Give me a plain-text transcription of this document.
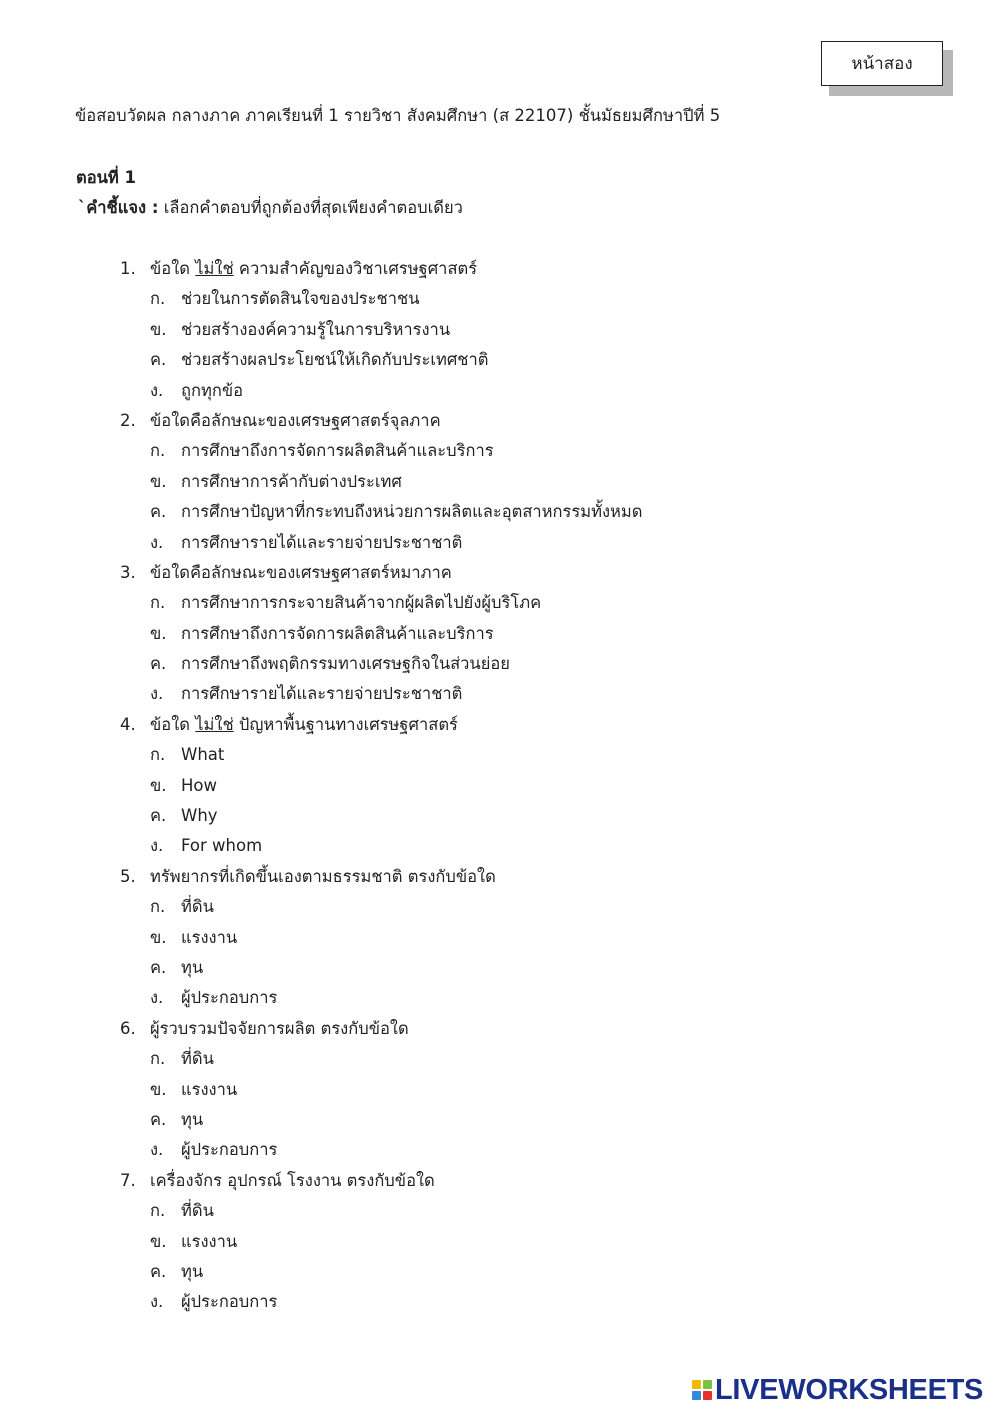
หน้าสอง
ข้อสอบวัดผล กลางภาค ภาคเรียนที่ 1 รายวิชา สังคมศึกษา (ส 22107) ชั้นมัธยมศึกษาปีที่ 5
ตอนที่ 1
`คำชี้แจง : เลือกคำตอบที่ถูกต้องที่สุดเพียงคำตอบเดียว
1. ข้อใด ไม่ใช่ ความสำคัญของวิชาเศรษฐศาสตร์
ก. ช่วยในการตัดสินใจของประชาชน
ข. ช่วยสร้างองค์ความรู้ในการบริหารงาน
ค. ช่วยสร้างผลประโยชน์ให้เกิดกับประเทศชาติ
ง. ถูกทุกข้อ
2. ข้อใดคือลักษณะของเศรษฐศาสตร์จุลภาค
ก. การศึกษาถึงการจัดการผลิตสินค้าและบริการ
ข. การศึกษาการค้ากับต่างประเทศ
ค. การศึกษาปัญหาที่กระทบถึงหน่วยการผลิตและอุตสาหกรรมทั้งหมด
ง. การศึกษารายได้และรายจ่ายประชาชาติ
3. ข้อใดคือลักษณะของเศรษฐศาสตร์หมาภาค
ก. การศึกษาการกระจายสินค้าจากผู้ผลิตไปยังผู้บริโภค
ข. การศึกษาถึงการจัดการผลิตสินค้าและบริการ
ค. การศึกษาถึงพฤติกรรมทางเศรษฐกิจในส่วนย่อย
ง. การศึกษารายได้และรายจ่ายประชาชาติ
4. ข้อใด ไม่ใช่ ปัญหาพื้นฐานทางเศรษฐศาสตร์
ก. What
ข. How
ค. Why
ง. For whom
5. ทรัพยากรที่เกิดขึ้นเองตามธรรมชาติ ตรงกับข้อใด
ก. ที่ดิน
ข. แรงงาน
ค. ทุน
ง. ผู้ประกอบการ
6. ผู้รวบรวมปัจจัยการผลิต ตรงกับข้อใด
ก. ที่ดิน
ข. แรงงาน
ค. ทุน
ง. ผู้ประกอบการ
7. เครื่องจักร อุปกรณ์ โรงงาน ตรงกับข้อใด
ก. ที่ดิน
ข. แรงงาน
ค. ทุน
ง. ผู้ประกอบการ
LIVEWORKSHEETS
